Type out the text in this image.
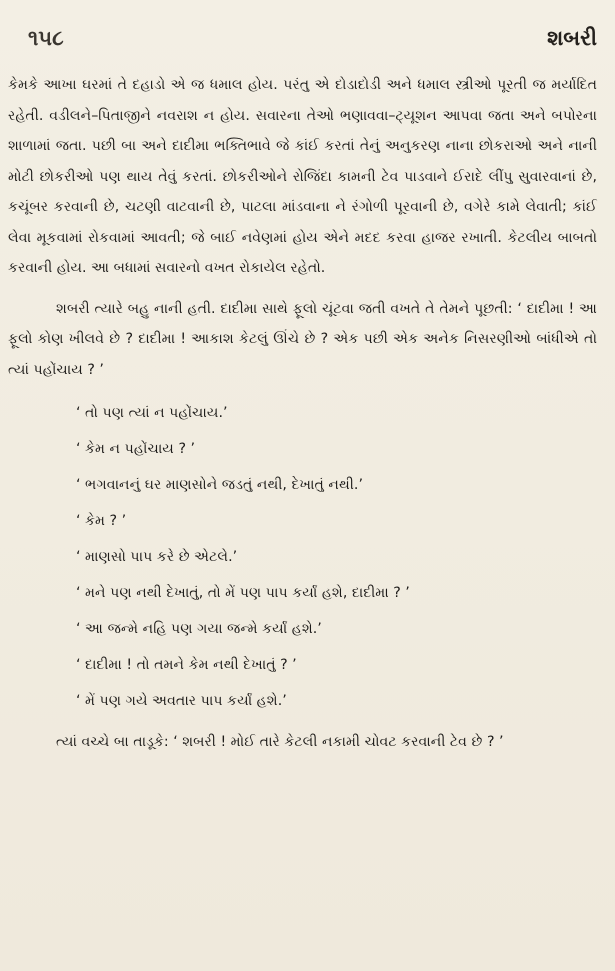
૧૫૮	શબરી

કેમકે આખા ઘરમાં તે દહાડો એ જ ધમાલ હોય. પરંતુ એ દોડાદોડી અને ધમાલ સ્ત્રીઓ પૂરતી જ મર્યાદિત રહેતી. વડીલને–પિતાજીને નવરાશ ન હોય. સવારના તેઓ ભણાવવા–ટ્યૂશન આપવા જતા અને બપોરના શાળામાં જતા. પછી બા અને દાદીમા ભક્તિભાવે જે કાંઈ કરતાં તેનું અનુકરણ નાના છોકરાઓ અને નાની મોટી છોકરીઓ પણ થાય તેવું કરતાં. છોકરીઓને રોજિંદા કામની ટેવ પાડવાને ઈરાદે લીંપુ સુવારવાનાં છે, કચૂંબર કરવાની છે, ચટણી વાટવાની છે, પાટલા માંડવાના ને રંગોળી પૂરવાની છે, વગેરે કામે લેવાતી; કાંઈ લેવા મૂકવામાં રોકવામાં આવતી; જે બાઈ નવેણમાં હોય એને મદદ કરવા હાજર રખાતી. કેટલીય બાબતો કરવાની હોય. આ બધામાં સવારનો વખત રોકાયેલ રહેતો.

શબરી ત્યારે બહુ નાની હતી. દાદીમા સાથે ફૂલો ચૂંટવા જતી વખતે તે તેમને પૂછતી: ‘ દાદીમા ! આ ફૂલો કોણ ખીલવે છે ? દાદીમા ! આકાશ કેટલું ઊંચે છે ? એક પછી એક અનેક નિસરણીઓ બાંધીએ તો ત્યાં પહોંચાય ? ’

‘ તો પણ ત્યાં ન પહોંચાય.’

‘ કેમ ન પહોંચાય ? ’

‘ ભગવાનનું ઘર માણસોને જડતું નથી, દેખાતું નથી.’

‘ કેમ ? ’

‘ માણસો પાપ કરે છે એટલે.’

‘ મને પણ નથી દેખાતું, તો મેં પણ પાપ કર્યાં હશે, દાદીમા ? ’

‘ આ જન્મે નહિ પણ ગયા જન્મે કર્યાં હશે.’

‘ દાદીમા ! તો તમને કેમ નથી દેખાતું ? ’

‘ મેં પણ ગયે અવતાર પાપ કર્યાં હશે.’

ત્યાં વચ્ચે બા તાડૂકે: ‘ શબરી ! મોઈ તારે કેટલી નકામી ચોવટ કરવાની ટેવ છે ? ’
